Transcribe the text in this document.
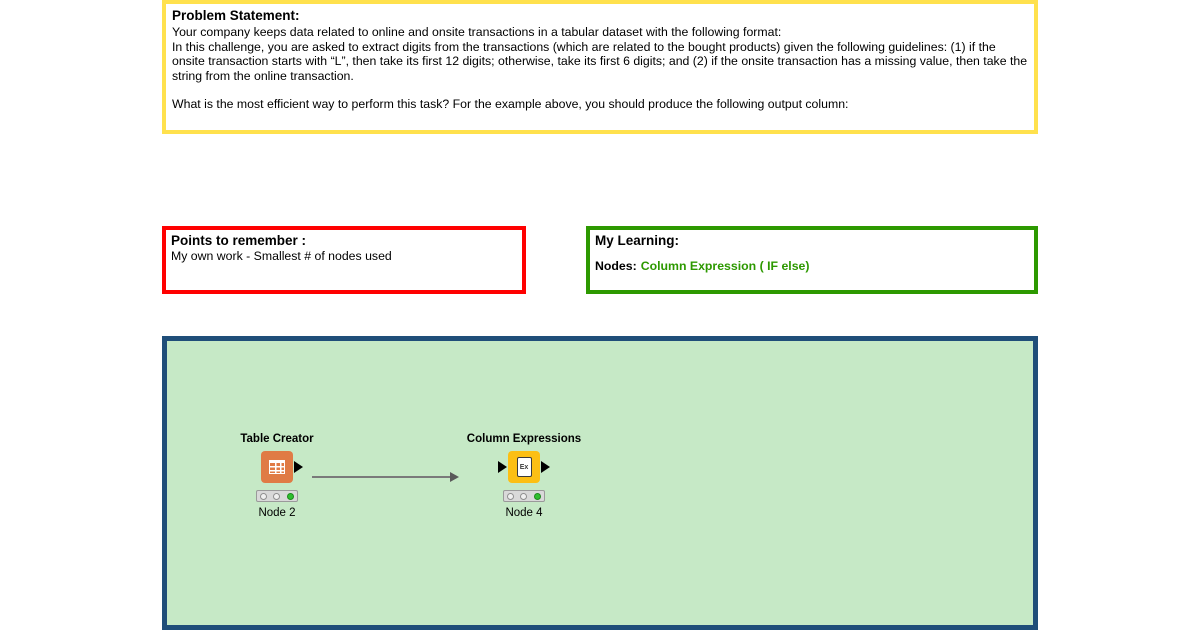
Problem Statement:
Your company keeps data related to online and onsite transactions in a tabular dataset with the following format:
In this challenge, you are asked to extract digits from the transactions (which are related to the bought products) given the following guidelines: (1) if the onsite transaction starts with “L”, then take its first 12 digits; otherwise, take its first 6 digits; and (2) if the onsite transaction has a missing value, then take the string from the online transaction.
What is the most efficient way to perform this task? For the example above, you should produce the following output column:
Points to remember :
My own work - Smallest # of nodes used
My Learning:
Nodes: Column Expression ( IF else)
Table Creator
Node 2
Column Expressions
Ex
Node 4
